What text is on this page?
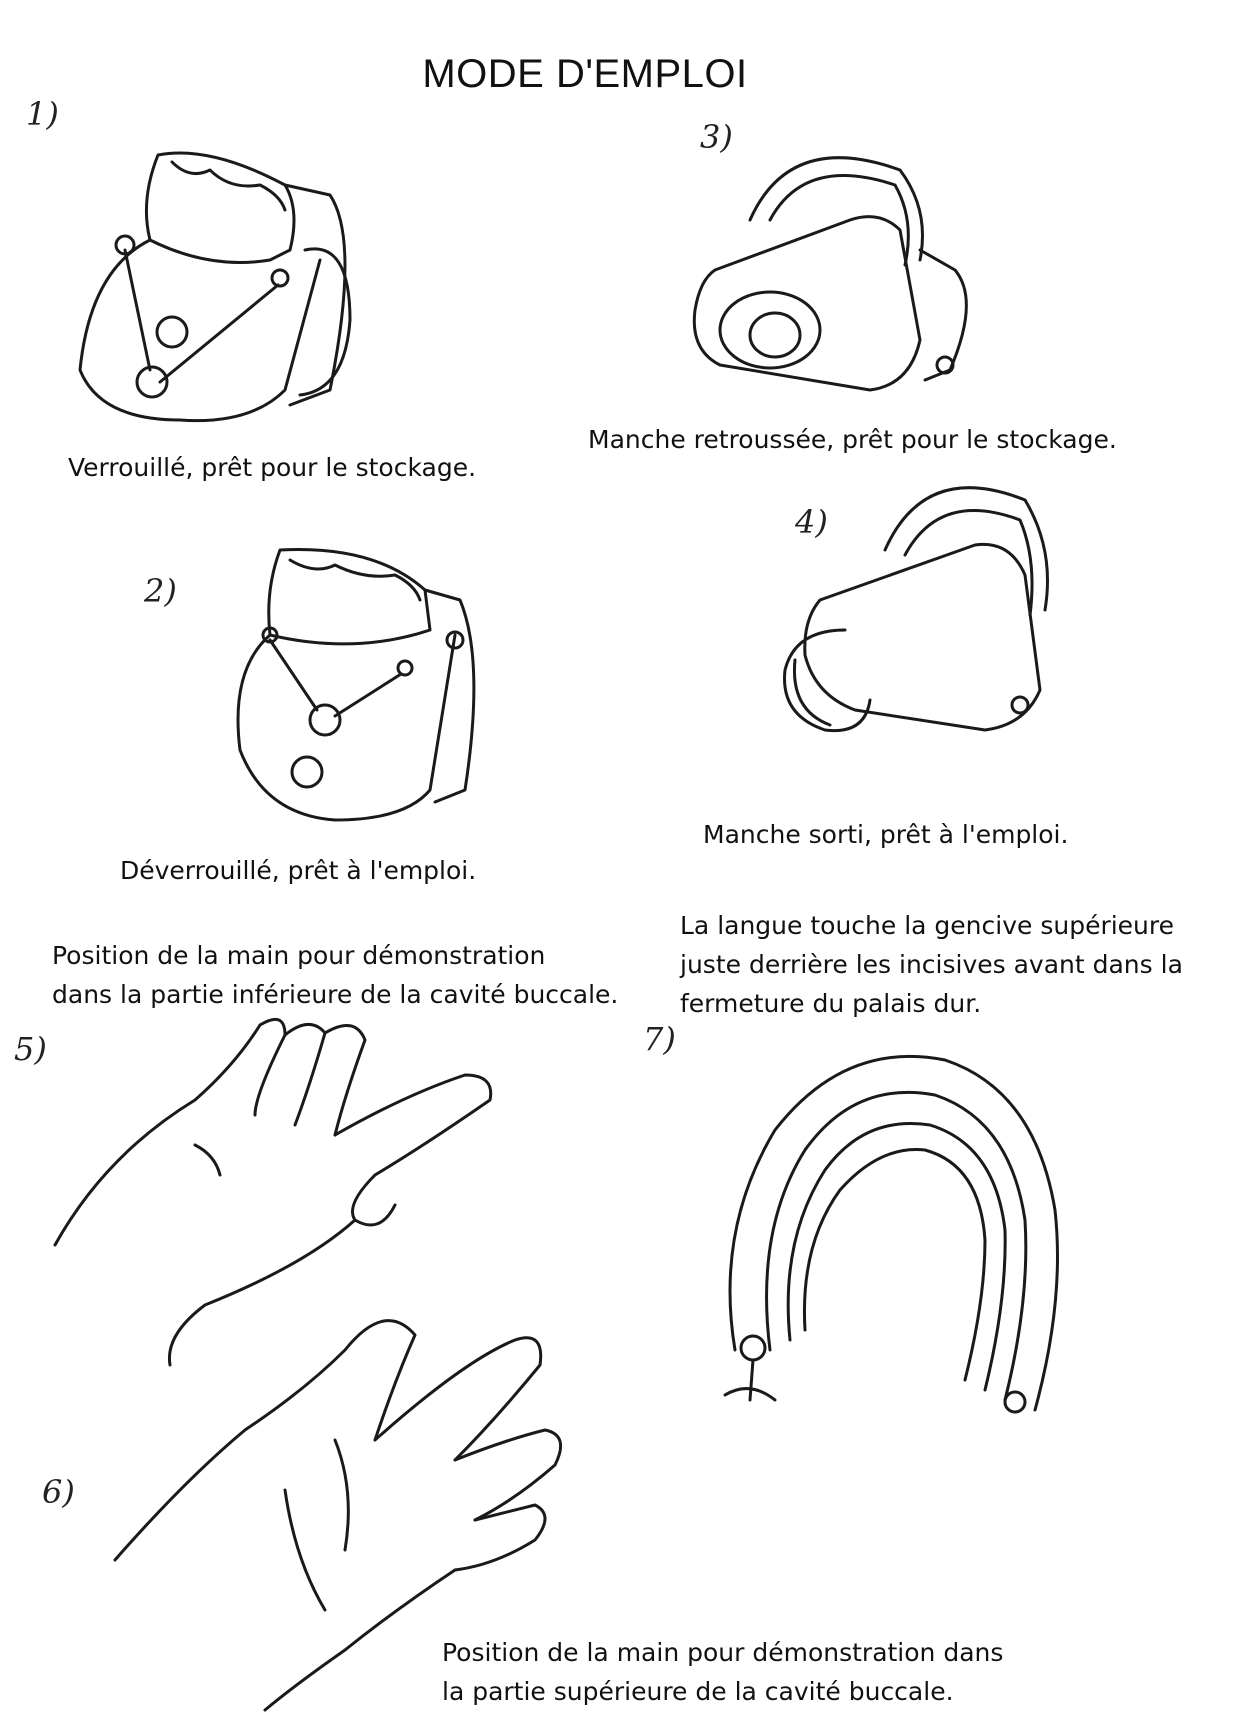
MODE D'EMPLOI
1)
2)
3)
4)
5)
6)
7)
Verrouillé, prêt pour le stockage.
Manche retroussée, prêt pour le stockage.
Déverrouillé, prêt à l'emploi.
Manche sorti, prêt à l'emploi.
Position de la main pour démonstration
dans la partie inférieure de la cavité buccale.
La langue touche la gencive supérieure
juste derrière les incisives avant dans la
fermeture du palais dur.
Position de la main pour démonstration dans
la partie supérieure de la cavité buccale.
